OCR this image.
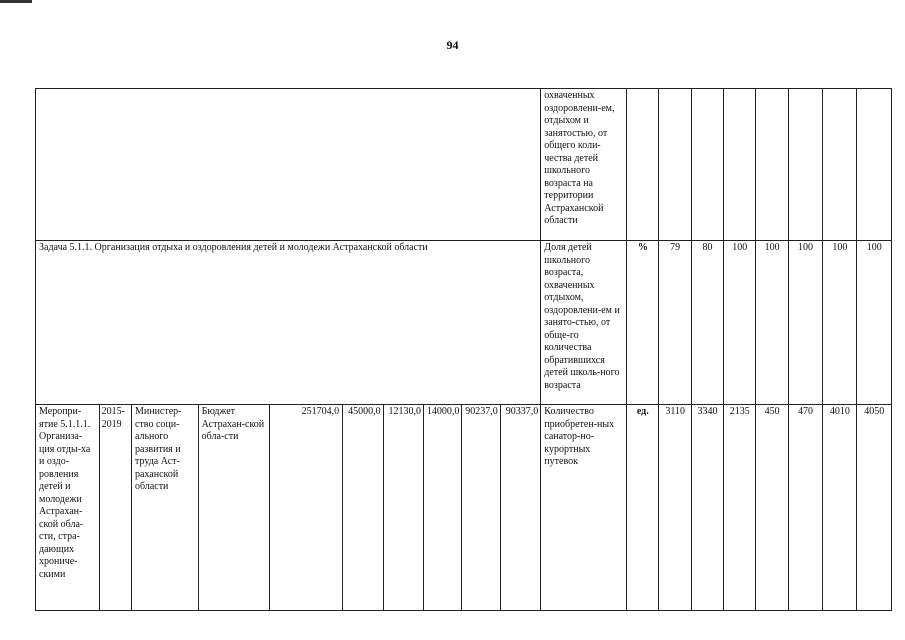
94
										охваченных оздоровлени-ем, отдыхом и занятостью, от общего коли-чества детей школьного возраста на территории Астраханской области								
Задача 5.1.1. Организация отдыха и оздоровления детей и молодежи Астраханской области										Доля детей школьного возраста, охваченных отдыхом, оздоровлени-ем и занято-стью, от обще-го количества обратившихся детей школь-ного возраста	%	79	80	100	100	100	100	100
Меропри-ятие 5.1.1.1. Организа-ция отды-ха и оздо-ровления детей и молодежи Астрахан-ской обла-сти, стра-дающих хрониче-скими	2015-2019	Министер-ство соци-ального развития и труда Аст-раханской области	Бюджет Астрахан-ской обла-сти	251704,0	45000,0	12130,0	14000,0	90237,0	90337,0	Количество приобретен-ных санатор-но-курортных путевок	ед.	3110	3340	2135	450	470	4010	4050
